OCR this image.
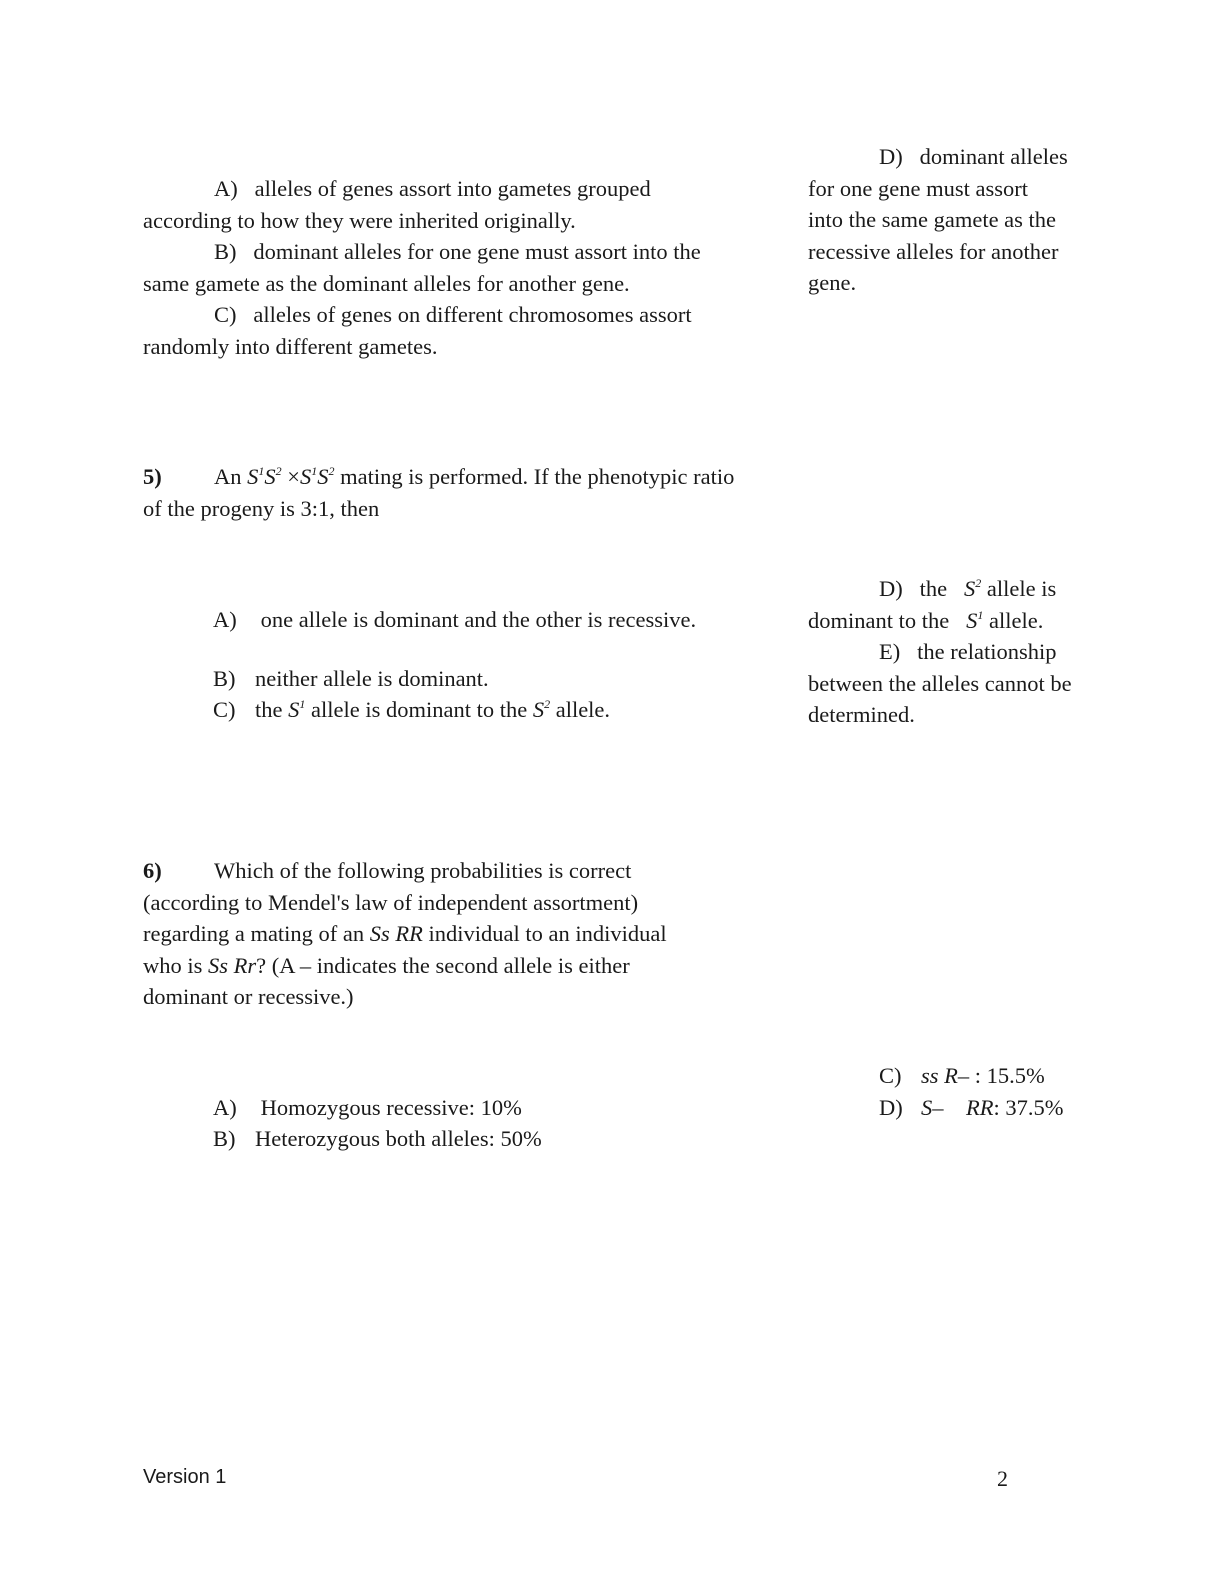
A) alleles of genes assort into gametes grouped according to how they were inherited originally.

B) dominant alleles for one gene must assort into the same gamete as the dominant alleles for another gene.

C) alleles of genes on different chromosomes assort randomly into different gametes.

D) dominant alleles for one gene must assort into the same gamete as the recessive alleles for another gene.

5) An $S^1S^2 \times S^1S^2$ mating is performed. If the phenotypic ratio of the progeny is 3:1, then

A) one allele is dominant and the other is recessive.
B) neither allele is dominant.
C) the $S^1$ allele is dominant to the $S^2$ allele.

D) the   $S^2$ allele is dominant to the   $S^1$ allele.

E) the relationship between the alleles cannot be determined.

6) Which of the following probabilities is correct (according to Mendel's law of independent assortment) regarding a mating of an Ss RR individual to an individual who is Ss Rr? (A – indicates the second allele is either dominant or recessive.)

A) Homozygous recessive: 10%
B) Heterozygous both alleles: 50%
C) ss R– : 15.5%
D) S– RR: 37.5%
Version 1	2
